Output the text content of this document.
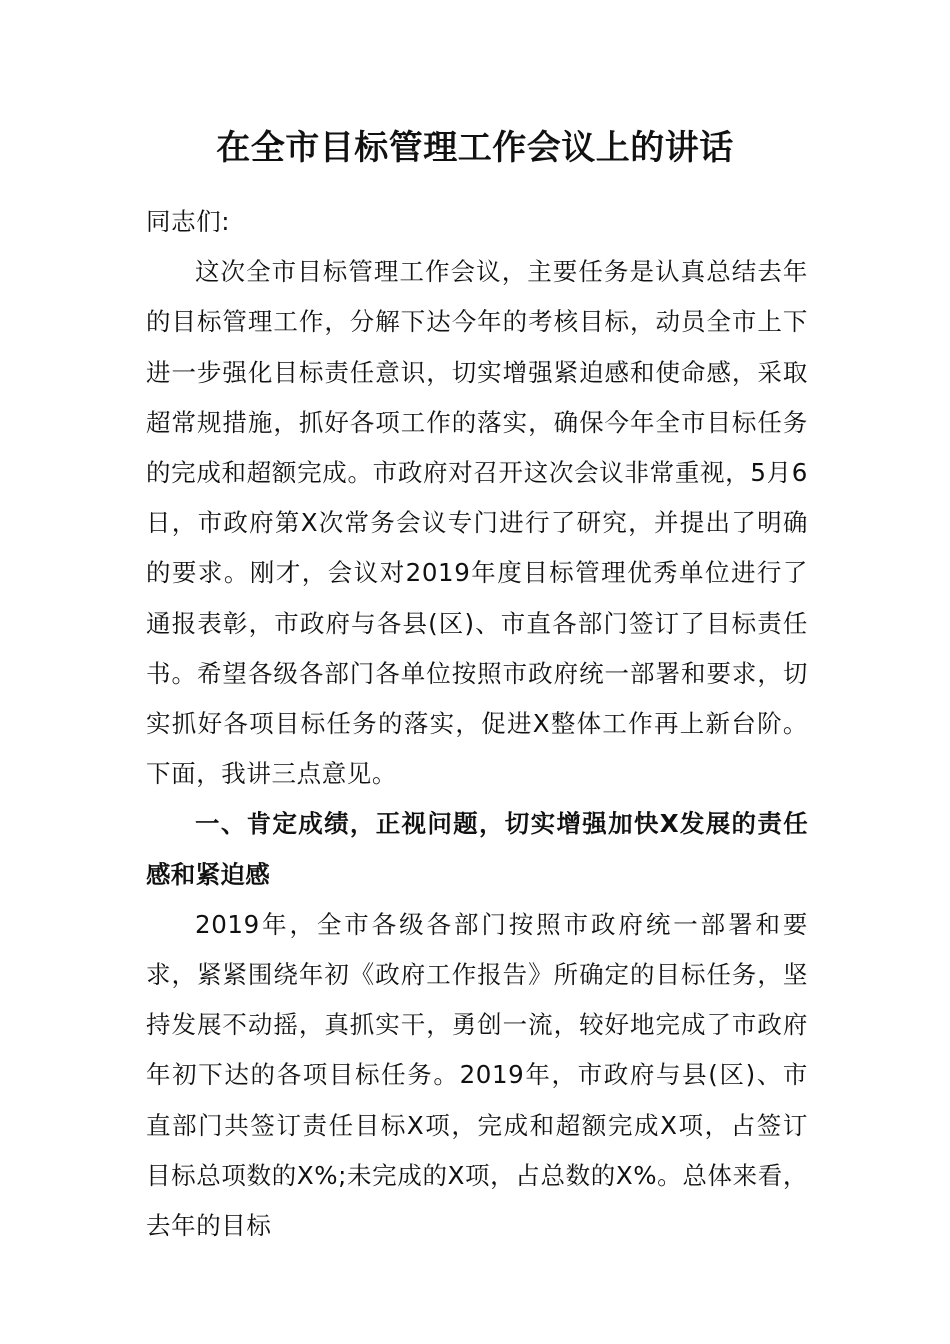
在全市目标管理工作会议上的讲话

同志们:

这次全市目标管理工作会议，主要任务是认真总结去年的目标管理工作，分解下达今年的考核目标，动员全市上下进一步强化目标责任意识，切实增强紧迫感和使命感，采取超常规措施，抓好各项工作的落实，确保今年全市目标任务的完成和超额完成。市政府对召开这次会议非常重视，5月6日，市政府第X次常务会议专门进行了研究，并提出了明确的要求。刚才，会议对2019年度目标管理优秀单位进行了通报表彰，市政府与各县(区)、市直各部门签订了目标责任书。希望各级各部门各单位按照市政府统一部署和要求，切实抓好各项目标任务的落实，促进X整体工作再上新台阶。下面，我讲三点意见。

一、肯定成绩，正视问题，切实增强加快X发展的责任感和紧迫感

2019年，全市各级各部门按照市政府统一部署和要求，紧紧围绕年初《政府工作报告》所确定的目标任务，坚持发展不动摇，真抓实干，勇创一流，较好地完成了市政府年初下达的各项目标任务。2019年，市政府与县(区)、市直部门共签订责任目标X项，完成和超额完成X项，占签订目标总项数的X%;未完成的X项，占总数的X%。总体来看，去年的目标
